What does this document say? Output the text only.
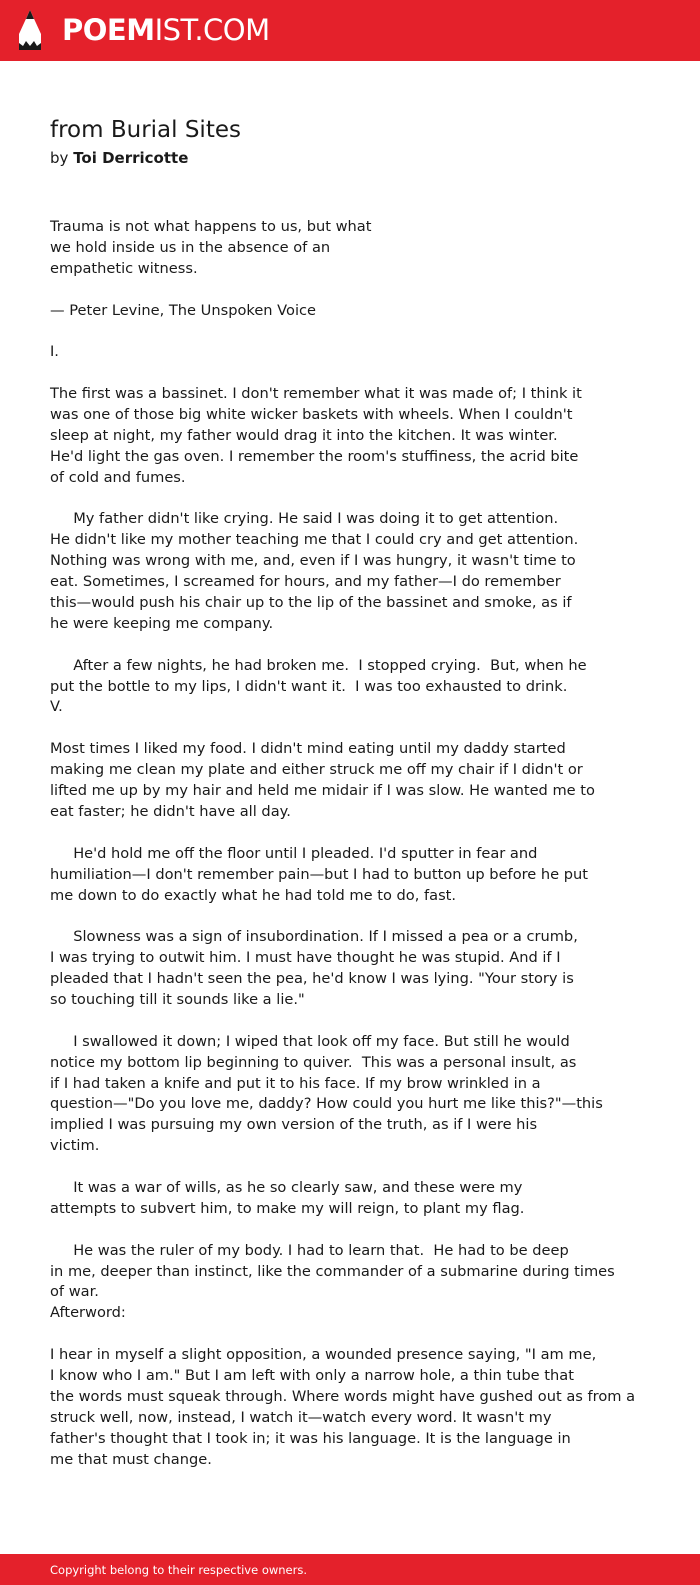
POEMIST.COM
from Burial Sites
by Toi Derricotte
Trauma is not what happens to us, but what
we hold inside us in the absence of an
empathetic witness.
— Peter Levine, The Unspoken Voice
I.
The first was a bassinet. I don't remember what it was made of; I think it
was one of those big white wicker baskets with wheels. When I couldn't
sleep at night, my father would drag it into the kitchen. It was winter.
He'd light the gas oven. I remember the room's stuffiness, the acrid bite
of cold and fumes.
My father didn't like crying. He said I was doing it to get attention.
He didn't like my mother teaching me that I could cry and get attention.
Nothing was wrong with me, and, even if I was hungry, it wasn't time to
eat. Sometimes, I screamed for hours, and my father—I do remember
this—would push his chair up to the lip of the bassinet and smoke, as if
he were keeping me company.
After a few nights, he had broken me.  I stopped crying.  But, when he
put the bottle to my lips, I didn't want it.  I was too exhausted to drink.
V.
Most times I liked my food. I didn't mind eating until my daddy started
making me clean my plate and either struck me off my chair if I didn't or
lifted me up by my hair and held me midair if I was slow. He wanted me to
eat faster; he didn't have all day.
He'd hold me off the floor until I pleaded. I'd sputter in fear and
humiliation—I don't remember pain—but I had to button up before he put
me down to do exactly what he had told me to do, fast.
Slowness was a sign of insubordination. If I missed a pea or a crumb,
I was trying to outwit him. I must have thought he was stupid. And if I
pleaded that I hadn't seen the pea, he'd know I was lying. "Your story is
so touching till it sounds like a lie."
I swallowed it down; I wiped that look off my face. But still he would
notice my bottom lip beginning to quiver.  This was a personal insult, as
if I had taken a knife and put it to his face. If my brow wrinkled in a
question—"Do you love me, daddy? How could you hurt me like this?"—this
implied I was pursuing my own version of the truth, as if I were his
victim.
It was a war of wills, as he so clearly saw, and these were my
attempts to subvert him, to make my will reign, to plant my flag.
He was the ruler of my body. I had to learn that.  He had to be deep
in me, deeper than instinct, like the commander of a submarine during times
of war.
Afterword:
I hear in myself a slight opposition, a wounded presence saying, "I am me,
I know who I am." But I am left with only a narrow hole, a thin tube that
the words must squeak through. Where words might have gushed out as from a
struck well, now, instead, I watch it—watch every word. It wasn't my
father's thought that I took in; it was his language. It is the language in
me that must change.
Copyright belong to their respective owners.
